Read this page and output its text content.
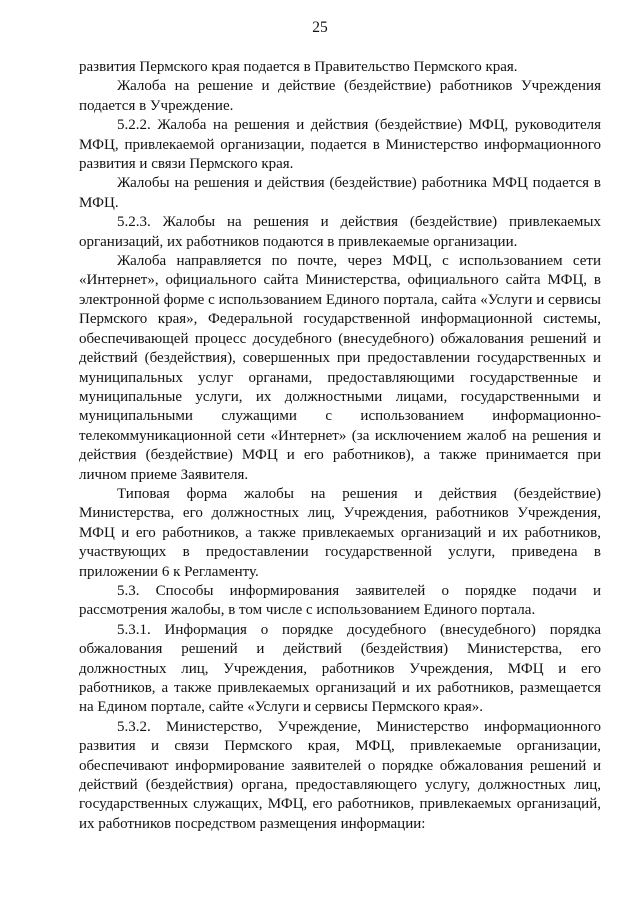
25

развития Пермского края подается в Правительство Пермского края.

Жалоба на решение и действие (бездействие) работников Учреждения подается в Учреждение.

5.2.2. Жалоба на решения и действия (бездействие) МФЦ, руководителя МФЦ, привлекаемой организации, подается в Министерство информационного развития и связи Пермского края.

Жалобы на решения и действия (бездействие) работника МФЦ подается в МФЦ.

5.2.3. Жалобы на решения и действия (бездействие) привлекаемых организаций, их работников подаются в привлекаемые организации.

Жалоба направляется по почте, через МФЦ, с использованием сети «Интернет», официального сайта Министерства, официального сайта МФЦ, в электронной форме с использованием Единого портала, сайта «Услуги и сервисы Пермского края», Федеральной государственной информационной системы, обеспечивающей процесс досудебного (внесудебного) обжалования решений и действий (бездействия), совершенных при предоставлении государственных и муниципальных услуг органами, предоставляющими государственные и муниципальные услуги, их должностными лицами, государственными и муниципальными служащими с использованием информационно-телекоммуникационной сети «Интернет» (за исключением жалоб на решения и действия (бездействие) МФЦ и его работников), а также принимается при личном приеме Заявителя.

Типовая форма жалобы на решения и действия (бездействие) Министерства, его должностных лиц, Учреждения, работников Учреждения, МФЦ и его работников, а также привлекаемых организаций и их работников, участвующих в предоставлении государственной услуги, приведена в приложении 6 к Регламенту.

5.3. Способы информирования заявителей о порядке подачи и рассмотрения жалобы, в том числе с использованием Единого портала.

5.3.1. Информация о порядке досудебного (внесудебного) порядка обжалования решений и действий (бездействия) Министерства, его должностных лиц, Учреждения, работников Учреждения, МФЦ и его работников, а также привлекаемых организаций и их работников, размещается на Едином портале, сайте «Услуги и сервисы Пермского края».

5.3.2. Министерство, Учреждение, Министерство информационного развития и связи Пермского края, МФЦ, привлекаемые организации, обеспечивают информирование заявителей о порядке обжалования решений и действий (бездействия) органа, предоставляющего услугу, должностных лиц, государственных служащих, МФЦ, его работников, привлекаемых организаций, их работников посредством размещения информации:
